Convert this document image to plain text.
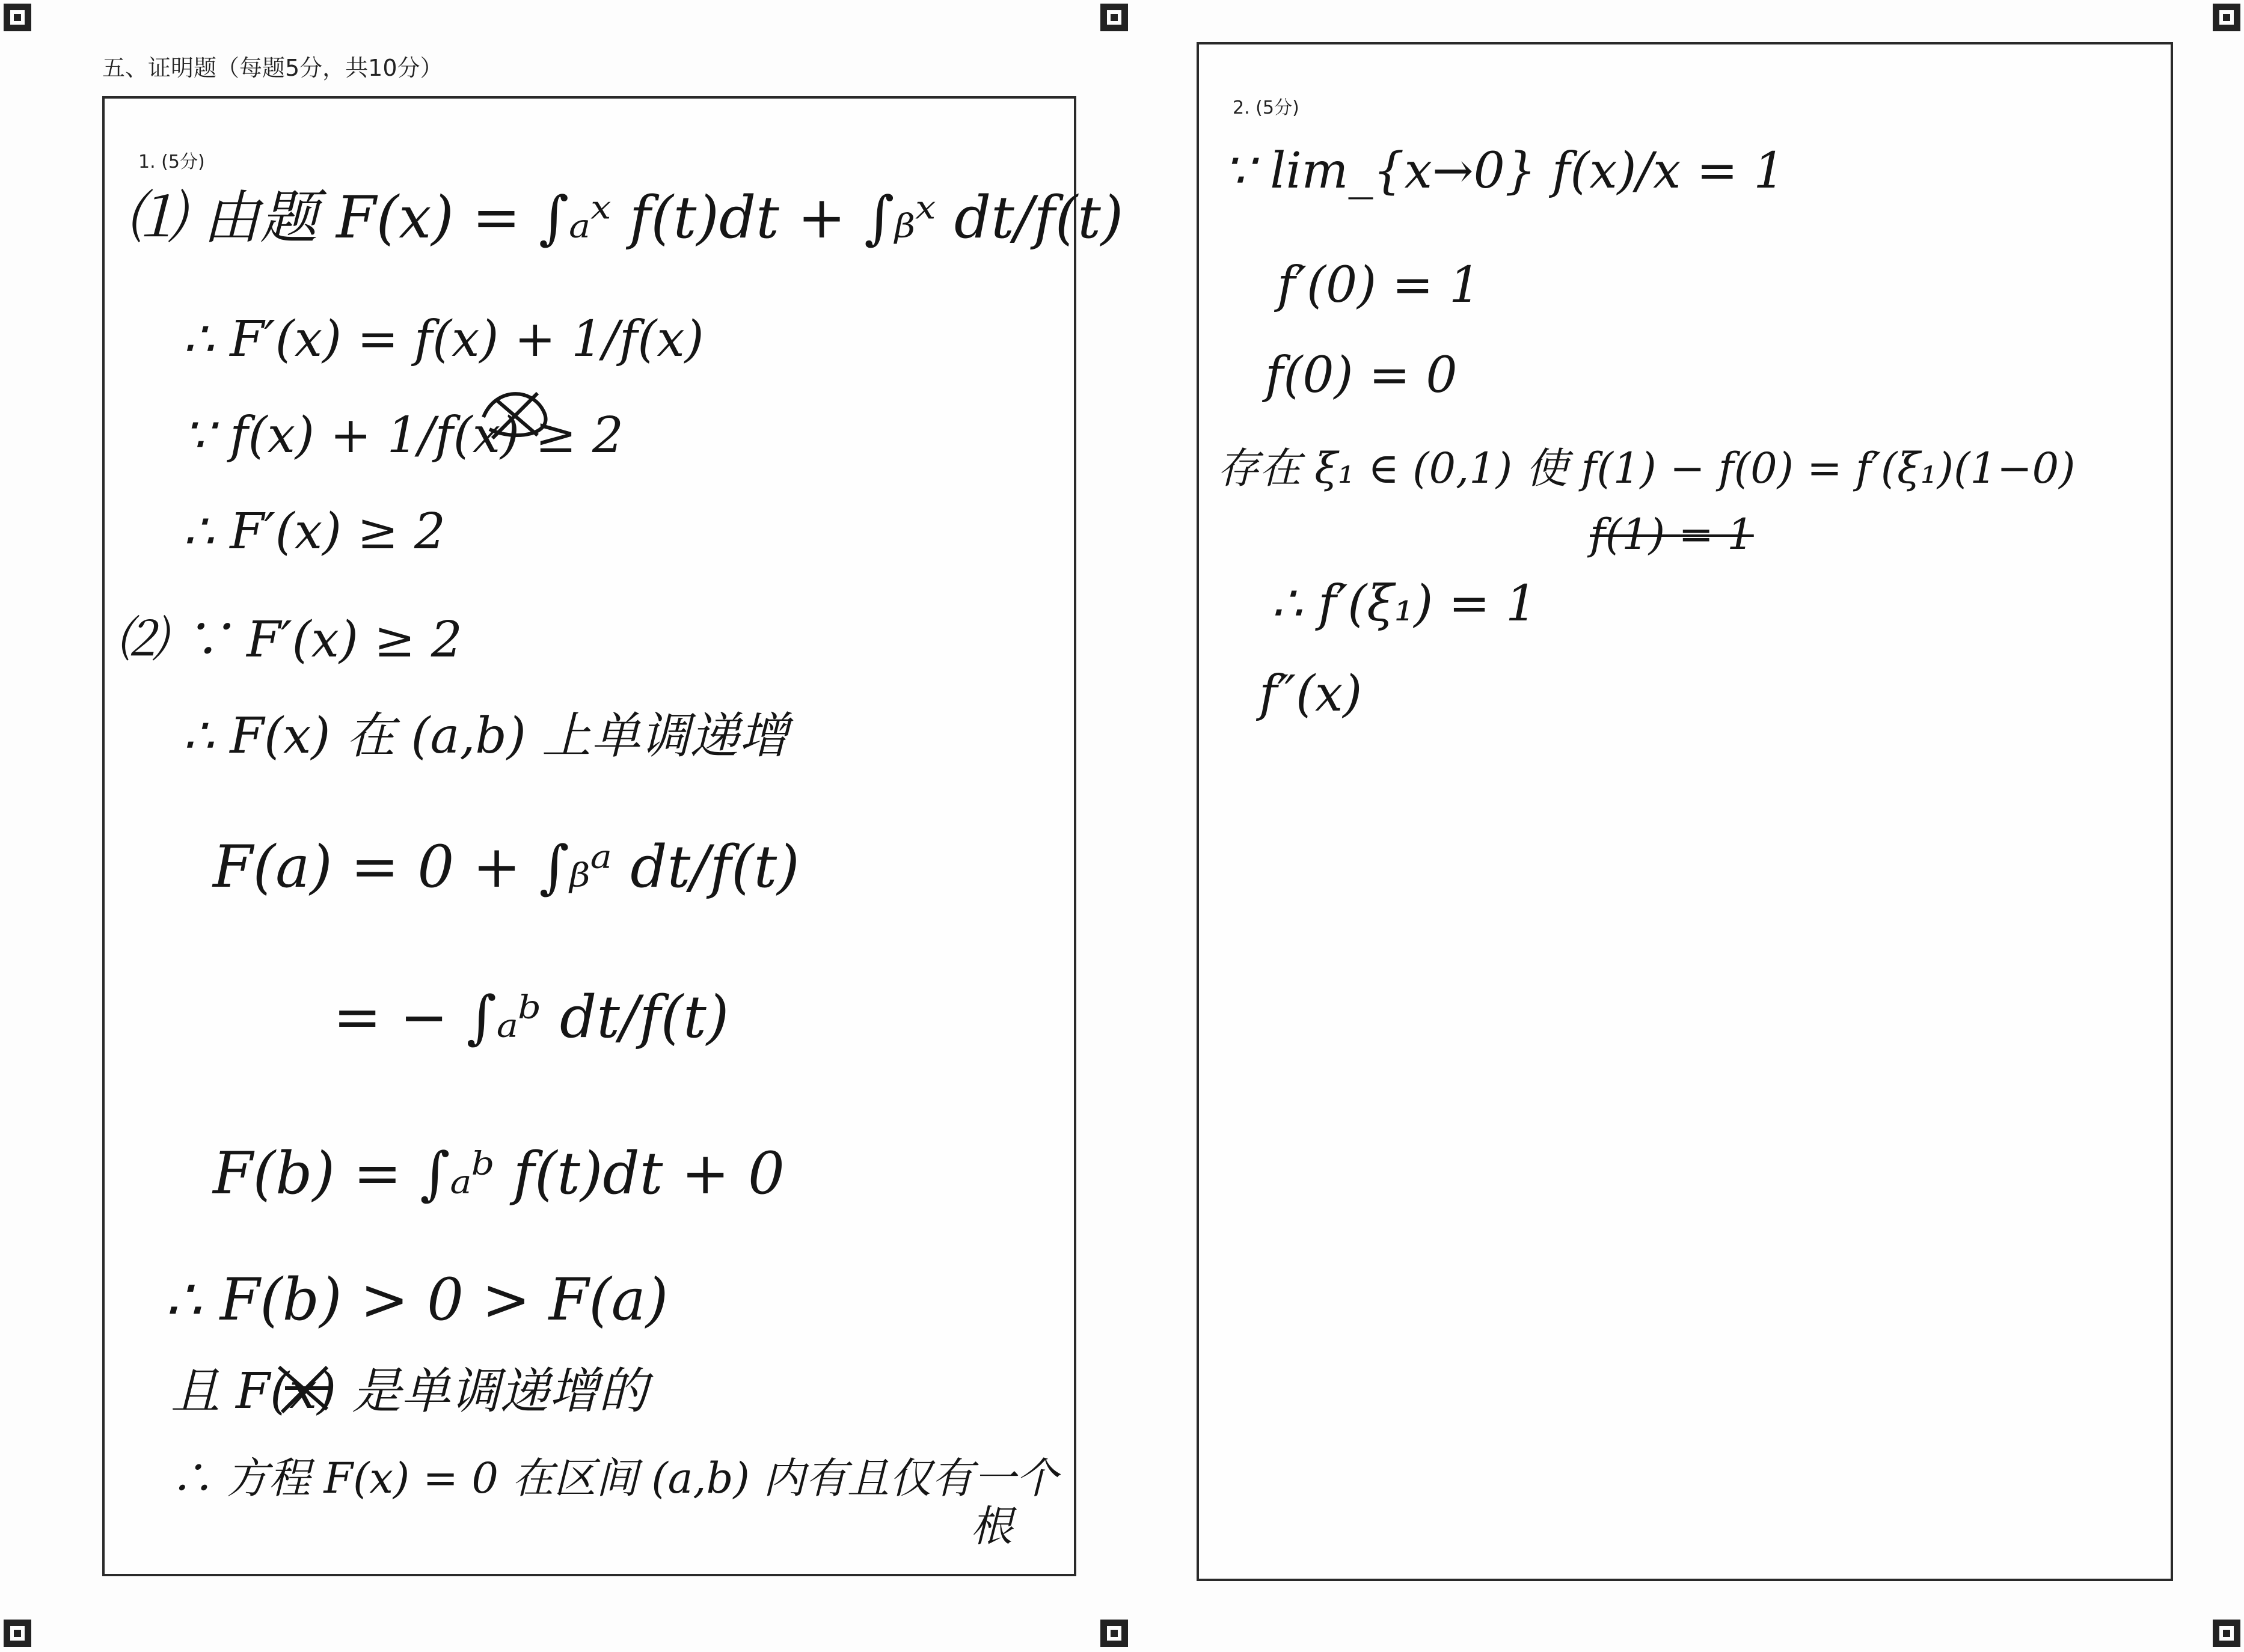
五、证明题（每题5分，共10分）
1. (5分)
⑴ 由题 F(x) = ∫ₐˣ f(t)dt + ∫ᵦˣ dt/f(t)
∴ F′(x) = f(x) + 1/f(x)
∵ f(x) + 1/f(x) ≥ 2
∴ F′(x) ≥ 2
⑵ ∵ F′(x) ≥ 2
∴ F(x) 在 (a,b) 上单调递增
F(a) = 0 + ∫ᵦᵃ dt/f(t)
= − ∫ₐᵇ dt/f(t)
F(b) = ∫ₐᵇ f(t)dt + 0
∴ F(b) > 0 > F(a)
且 F(x) 是单调递增的
∴ 方程 F(x) = 0 在区间 (a,b) 内有且仅有一个
根
2. (5分)
∵ lim_{x→0} f(x)/x = 1
f′(0) = 1
f(0) = 0
存在 ξ₁ ∈ (0,1) 使 f(1) − f(0) = f′(ξ₁)(1−0)
f(1) = 1
∴ f′(ξ₁) = 1
f″(x)
